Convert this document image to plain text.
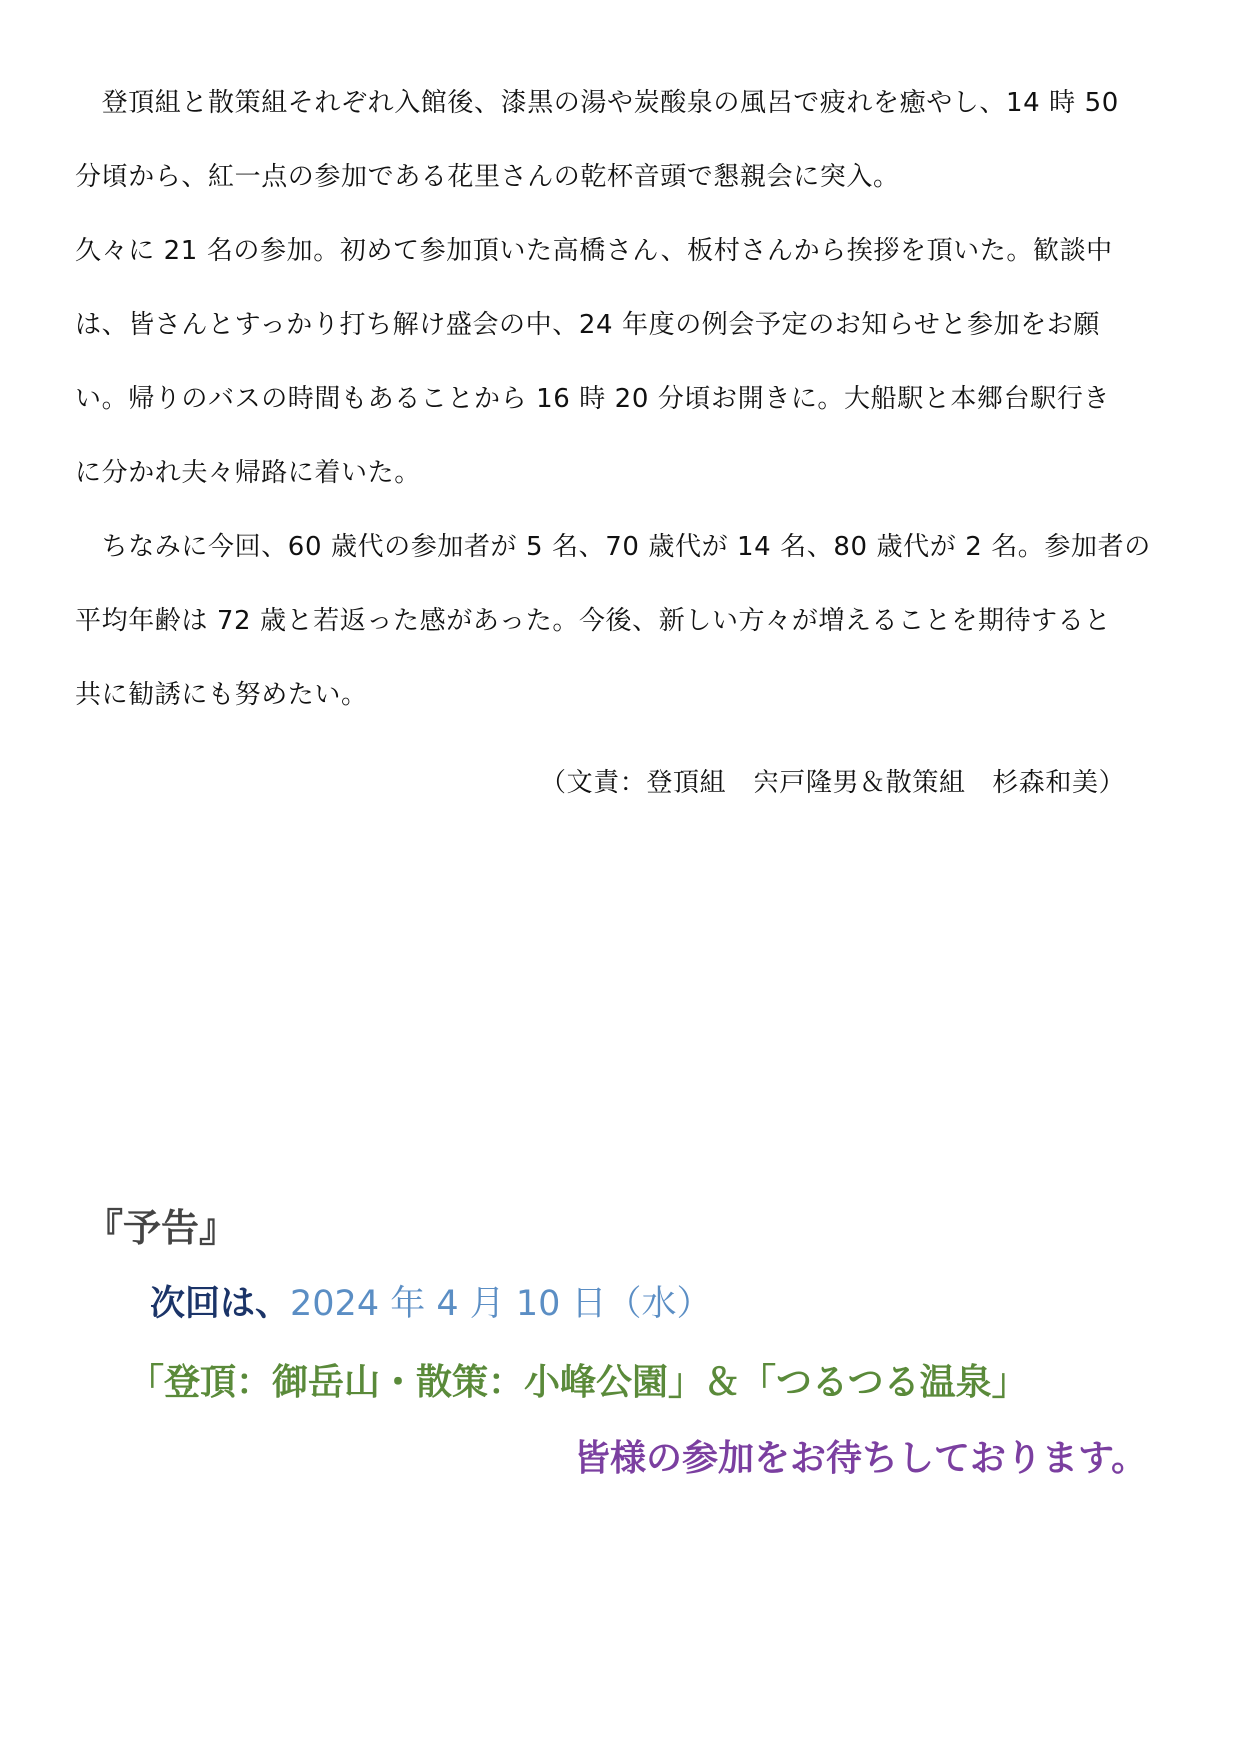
　登頂組と散策組それぞれ入館後、漆黒の湯や炭酸泉の風呂で疲れを癒やし、14 時 50
分頃から、紅一点の参加である花里さんの乾杯音頭で懇親会に突入。
久々に 21 名の参加。初めて参加頂いた高橋さん、板村さんから挨拶を頂いた。歓談中
は、皆さんとすっかり打ち解け盛会の中、24 年度の例会予定のお知らせと参加をお願
い。帰りのバスの時間もあることから 16 時 20 分頃お開きに。大船駅と本郷台駅行き
に分かれ夫々帰路に着いた。
　ちなみに今回、60 歳代の参加者が 5 名、70 歳代が 14 名、80 歳代が 2 名。参加者の
平均年齢は 72 歳と若返った感があった。今後、新しい方々が増えることを期待すると
共に勧誘にも努めたい。
（文責：登頂組　宍戸隆男＆散策組　杉森和美）
『予告』
次回は、2024 年 4 月 10 日（水）
「登頂：御岳山・散策：小峰公園」＆「つるつる温泉」
皆様の参加をお待ちしております。
